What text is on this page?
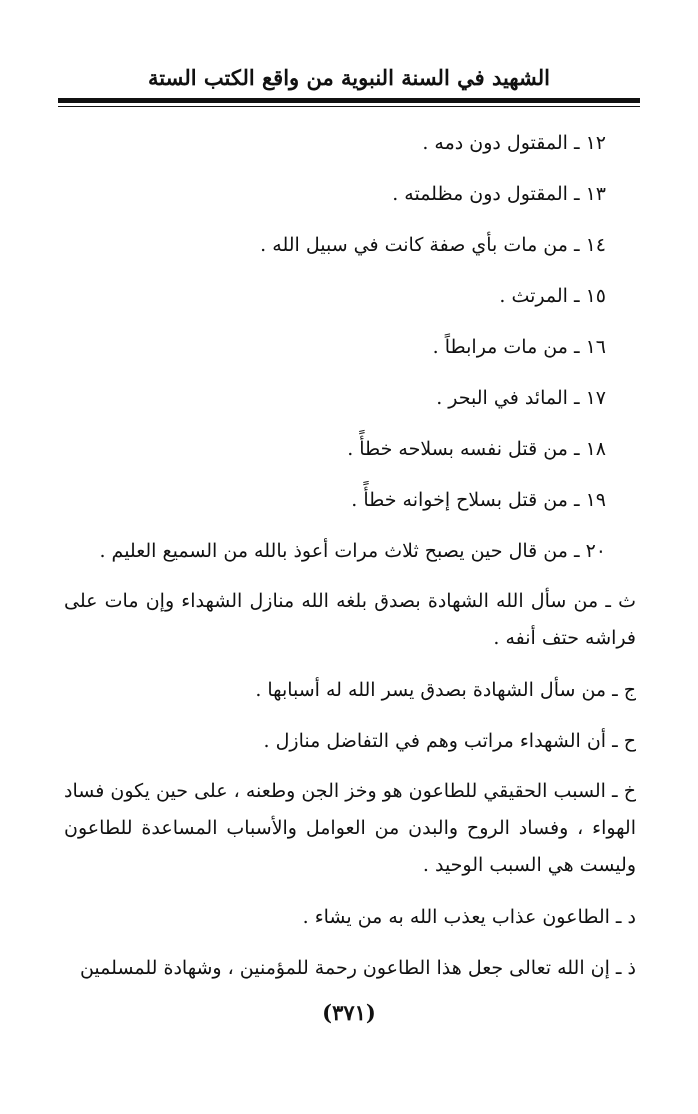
الشهيد في السنة النبوية من واقع الكتب الستة
١٢ ـ المقتول دون دمه .
١٣ ـ المقتول دون مظلمته .
١٤ ـ من مات بأي صفة كانت في سبيل الله .
١٥ ـ المرتث .
١٦ ـ من مات مرابطاً .
١٧ ـ المائد في البحر .
١٨ ـ من قتل نفسه بسلاحه خطأً .
١٩ ـ من قتل بسلاح إخوانه خطأً .
٢٠ ـ من قال حين يصبح ثلاث مرات أعوذ بالله من السميع العليم .
ث ـ من سأل الله الشهادة بصدق بلغه الله منازل الشهداء وإن مات على فراشه حتف أنفه .
ج ـ من سأل الشهادة بصدق يسر الله له أسبابها .
ح ـ أن الشهداء مراتب وهم في التفاضل منازل .
خ ـ السبب الحقيقي للطاعون هو وخز الجن وطعنه ، على حين يكون فساد الهواء ، وفساد الروح والبدن من العوامل والأسباب المساعدة للطاعون وليست هي السبب الوحيد .
د ـ الطاعون عذاب يعذب الله به من يشاء .
ذ ـ إن الله تعالى جعل هذا الطاعون رحمة للمؤمنين ، وشهادة للمسلمين
(٣٧١)
